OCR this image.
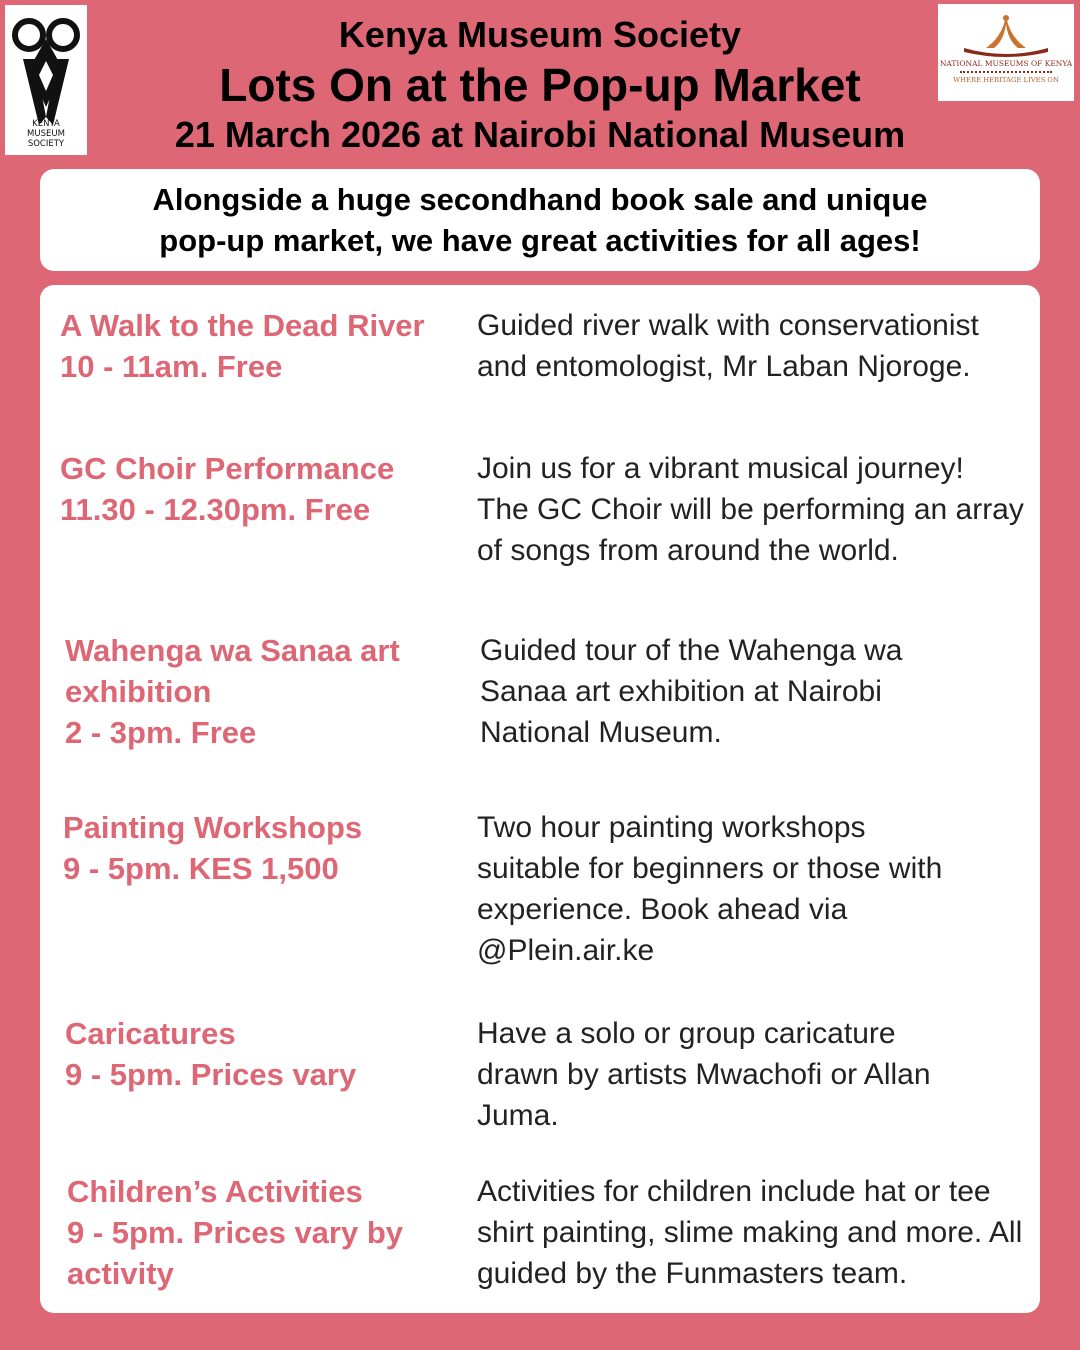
KENYA
MUSEUM
SOCIETY
NATIONAL MUSEUMS OF KENYA
WHERE HERITAGE LIVES ON
Kenya Museum Society
Lots On at the Pop-up Market
21 March 2026 at Nairobi National Museum
Alongside a huge secondhand book sale and unique
pop-up market, we have great activities for all ages!
A Walk to the Dead River
10 - 11am. Free
Guided river walk with conservationist
and entomologist, Mr Laban Njoroge.
GC Choir Performance
11.30 - 12.30pm. Free
Join us for a vibrant musical journey!
The GC Choir will be performing an array
of songs from around the world.
Wahenga wa Sanaa art
exhibition
2 - 3pm. Free
Guided tour of the Wahenga wa
Sanaa art exhibition at Nairobi
National Museum.
Painting Workshops
9 - 5pm. KES 1,500
Two hour painting workshops
suitable for beginners or those with
experience. Book ahead via
@Plein.air.ke
Caricatures
9 - 5pm. Prices vary
Have a solo or group caricature
drawn by artists Mwachofi or Allan
Juma.
Children’s Activities
9 - 5pm. Prices vary by
activity
Activities for children include hat or tee
shirt painting, slime making and more. All
guided by the Funmasters team.
